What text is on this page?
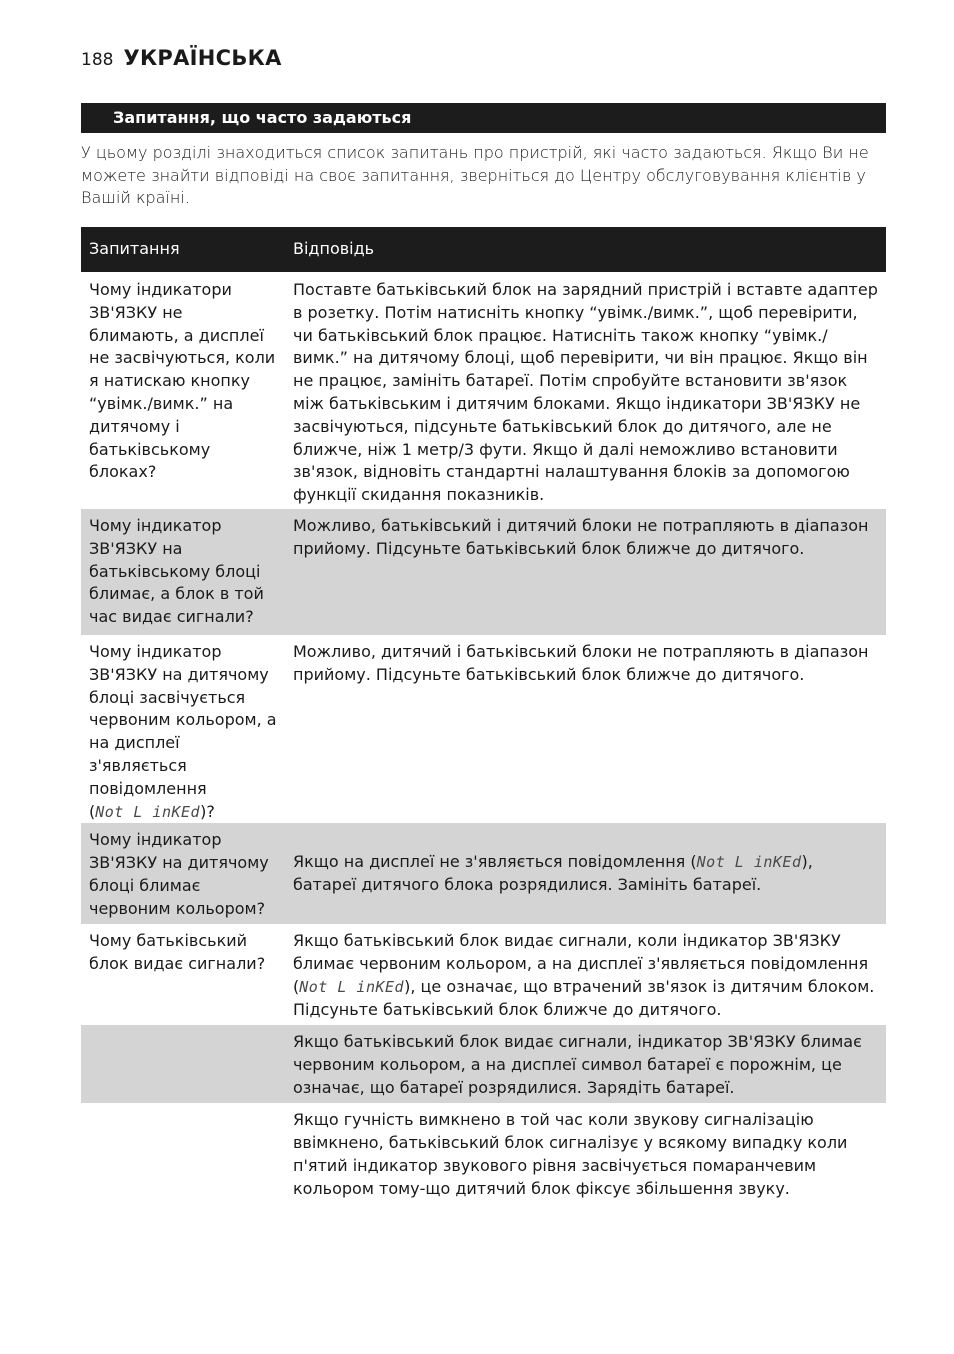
188 УКРАЇНСЬКА
Запитання, що часто задаються

У цьому розділі знаходиться список запитань про пристрій, які часто задаються. Якщо Ви не можете знайти відповіді на своє запитання, зверніться до Центру обслуговування клієнтів у Вашій країні.

Запитання	Відповідь
Чому індикатори ЗВ'ЯЗКУ не блимають, а дисплеї не засвічуються, коли я натискаю кнопку “увімк./вимк.” на дитячому і батьківському блоках?	Поставте батьківський блок на зарядний пристрій і вставте адаптер в розетку. Потім натисніть кнопку “увімк./вимк.”, щоб перевірити, чи батьківський блок працює. Натисніть також кнопку “увімк./вимк.” на дитячому блоці, щоб перевірити, чи він працює. Якщо він не працює, замініть батареї. Потім спробуйте встановити зв'язок між батьківським і дитячим блоками. Якщо індикатори ЗВ'ЯЗКУ не засвічуються, підсуньте батьківський блок до дитячого, але не ближче, ніж 1 метр/3 фути. Якщо й далі неможливо встановити зв'язок, відновіть стандартні налаштування блоків за допомогою функції скидання показників.
Чому індикатор ЗВ'ЯЗКУ на батьківському блоці блимає, а блок в той час видає сигнали?	Можливо, батьківський і дитячий блоки не потрапляють в діапазон прийому. Підсуньте батьківський блок ближче до дитячого.
Чому індикатор ЗВ'ЯЗКУ на дитячому блоці засвічується червоним кольором, а на дисплеї з'являється повідомлення
(Not L inKEd)?	Можливо, дитячий і батьківський блоки не потрапляють в діапазон прийому. Підсуньте батьківський блок ближче до дитячого.
Чому індикатор ЗВ'ЯЗКУ на дитячому блоці блимає червоним кольором?	Якщо на дисплеї не з'являється повідомлення (Not L inKEd), батареї дитячого блока розрядилися. Замініть батареї.
Чому батьківський блок видає сигнали?	Якщо батьківський блок видає сигнали, коли індикатор ЗВ'ЯЗКУ блимає червоним кольором, а на дисплеї з'являється повідомлення (Not L inKEd), це означає, що втрачений зв'язок із дитячим блоком. Підсуньте батьківський блок ближче до дитячого.
	Якщо батьківський блок видає сигнали, індикатор ЗВ'ЯЗКУ блимає червоним кольором, а на дисплеї символ батареї є порожнім, це означає, що батареї розрядилися. Зарядіть батареї.
	Якщо гучність вимкнено в той час коли звукову сигналізацію ввімкнено, батьківський блок сигналізує у всякому випадку коли п'ятий індикатор звукового рівня засвічується помаранчевим кольором тому-що дитячий блок фіксує збільшення звуку.
